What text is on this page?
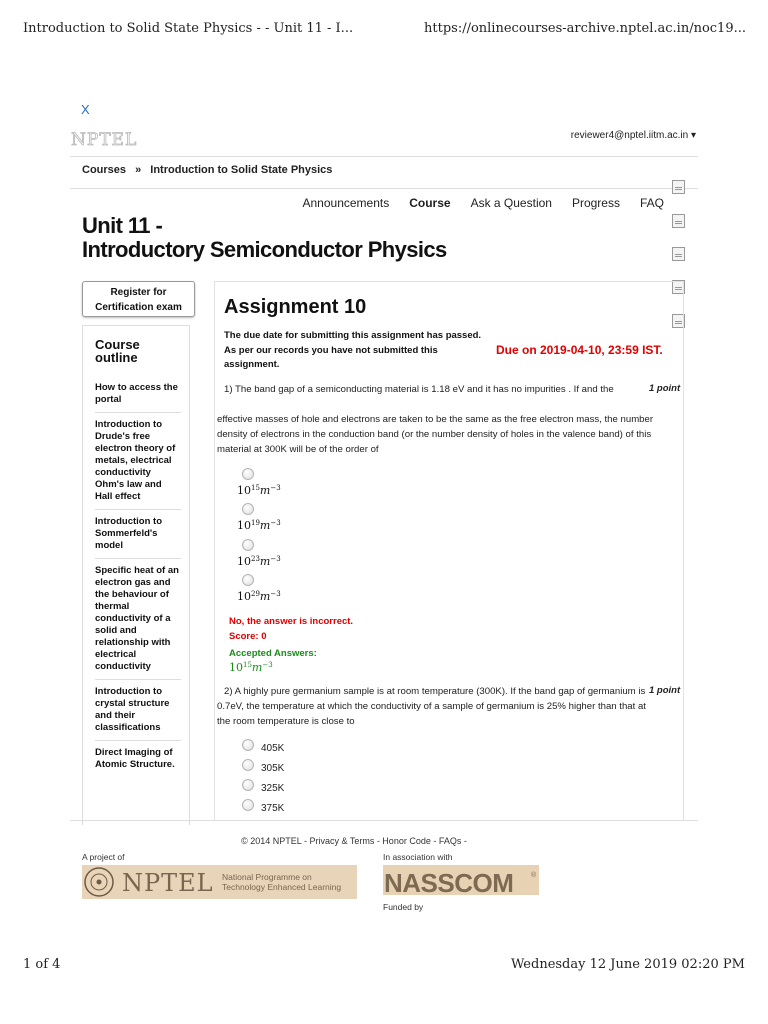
Introduction to Solid State Physics - - Unit 11 - I...	https://onlinecourses-archive.nptel.ac.in/noc19...
X
NPTEL	reviewer4@nptel.iitm.ac.in ▾
Courses » Introduction to Solid State Physics
Announcements Course Ask a Question Progress FAQ
Unit 11 -
Introductory Semiconductor Physics
Register for Certification exam
Course outline
How to access the portal
Introduction to Drude's free electron theory of metals, electrical conductivity Ohm's law and Hall effect
Introduction to Sommerfeld's model
Specific heat of an electron gas and the behaviour of thermal conductivity of a solid and relationship with electrical conductivity
Introduction to crystal structure and their classifications
Direct Imaging of Atomic Structure.
Assignment 10
The due date for submitting this assignment has passed.
As per our records you have not submitted this assignment.
Due on 2019-04-10, 23:59 IST.
1) The band gap of a semiconducting material is 1.18 eV and it has no impurities . If and the	1 point
effective masses of hole and electrons are taken to be the same as the free electron mass, the number density of electrons in the conduction band (or the number density of holes in the valence band) of this material at 300K will be of the order of
$10^{15}m^{-3}$
$10^{19}m^{-3}$
$10^{23}m^{-3}$
$10^{29}m^{-3}$
No, the answer is incorrect.
Score: 0
Accepted Answers:
$10^{15}m^{-3}$
2) A highly pure germanium sample is at room temperature (300K). If the band gap of germanium is 0.7eV, the temperature at which the conductivity of a sample of germanium is 25% higher than that at the room temperature is close to
1 point
405K
305K
325K
375K
© 2014 NPTEL - Privacy & Terms - Honor Code - FAQs -
A project of	In association with
NPTEL National Programme on
Technology Enhanced Learning NASSCOM	®
Funded by
1 of 4	Wednesday 12 June 2019 02:20 PM
